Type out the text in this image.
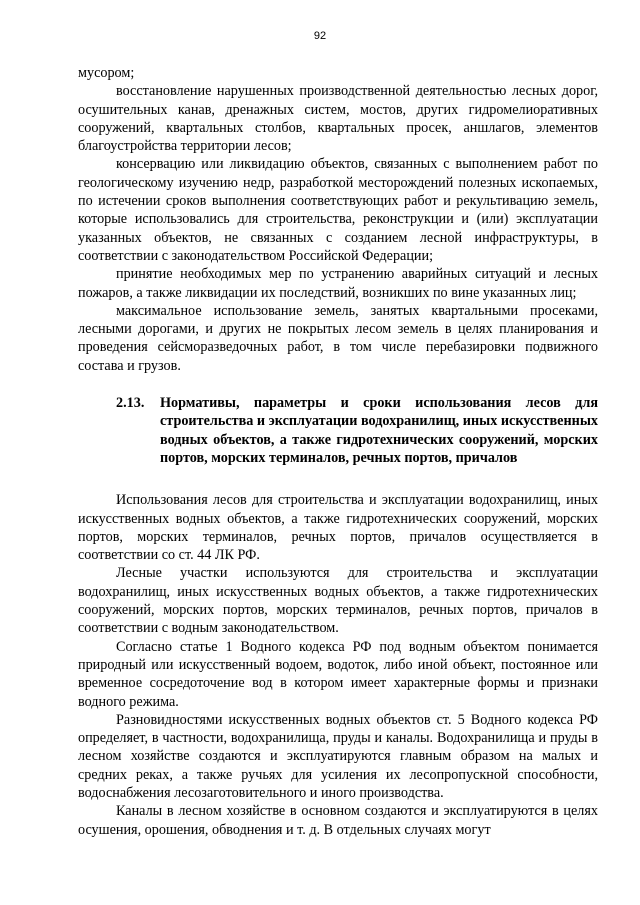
92

мусором;

восстановление нарушенных производственной деятельностью лесных дорог, осушительных канав, дренажных систем, мостов, других гидромелиоративных сооружений, квартальных столбов, квартальных просек, аншлагов, элементов благоустройства территории лесов;

консервацию или ликвидацию объектов, связанных с выполнением работ по геологическому изучению недр, разработкой месторождений полезных ископаемых, по истечении сроков выполнения соответствующих работ и рекультивацию земель, которые использовались для строительства, реконструкции и (или) эксплуатации указанных объектов, не связанных с созданием лесной инфраструктуры, в соответствии с законодательством Российской Федерации;

принятие необходимых мер по устранению аварийных ситуаций и лесных пожаров, а также ликвидации их последствий, возникших по вине указанных лиц;

максимальное использование земель, занятых квартальными просеками, лесными дорогами, и других не покрытых лесом земель в целях планирования и проведения сейсморазведочных работ, в том числе перебазировки подвижного состава и грузов.

2.13.	Нормативы, параметры и сроки использования лесов для строительства и эксплуатации водохранилищ, иных искусственных водных объектов, а также гидротехнических сооружений, морских портов, морских терминалов, речных портов, причалов

Использования лесов для строительства и эксплуатации водохранилищ, иных искусственных водных объектов, а также гидротехнических сооружений, морских портов, морских терминалов, речных портов, причалов осуществляется в соответствии со ст. 44 ЛК РФ.

Лесные участки используются для строительства и эксплуатации водохранилищ, иных искусственных водных объектов, а также гидротехнических сооружений, морских портов, морских терминалов, речных портов, причалов в соответствии с водным законодательством.

Согласно статье 1 Водного кодекса РФ под водным объектом понимается природный или искусственный водоем, водоток, либо иной объект, постоянное или временное сосредоточение вод в котором имеет характерные формы и признаки водного режима.

Разновидностями искусственных водных объектов ст. 5 Водного кодекса РФ определяет, в частности, водохранилища, пруды и каналы. Водохранилища и пруды в лесном хозяйстве создаются и эксплуатируются главным образом на малых и средних реках, а также ручьях для усиления их лесопропускной способности, водоснабжения лесозаготовительного и иного производства.

Каналы в лесном хозяйстве в основном создаются и эксплуатируются в целях осушения, орошения, обводнения и т. д. В отдельных случаях могут
